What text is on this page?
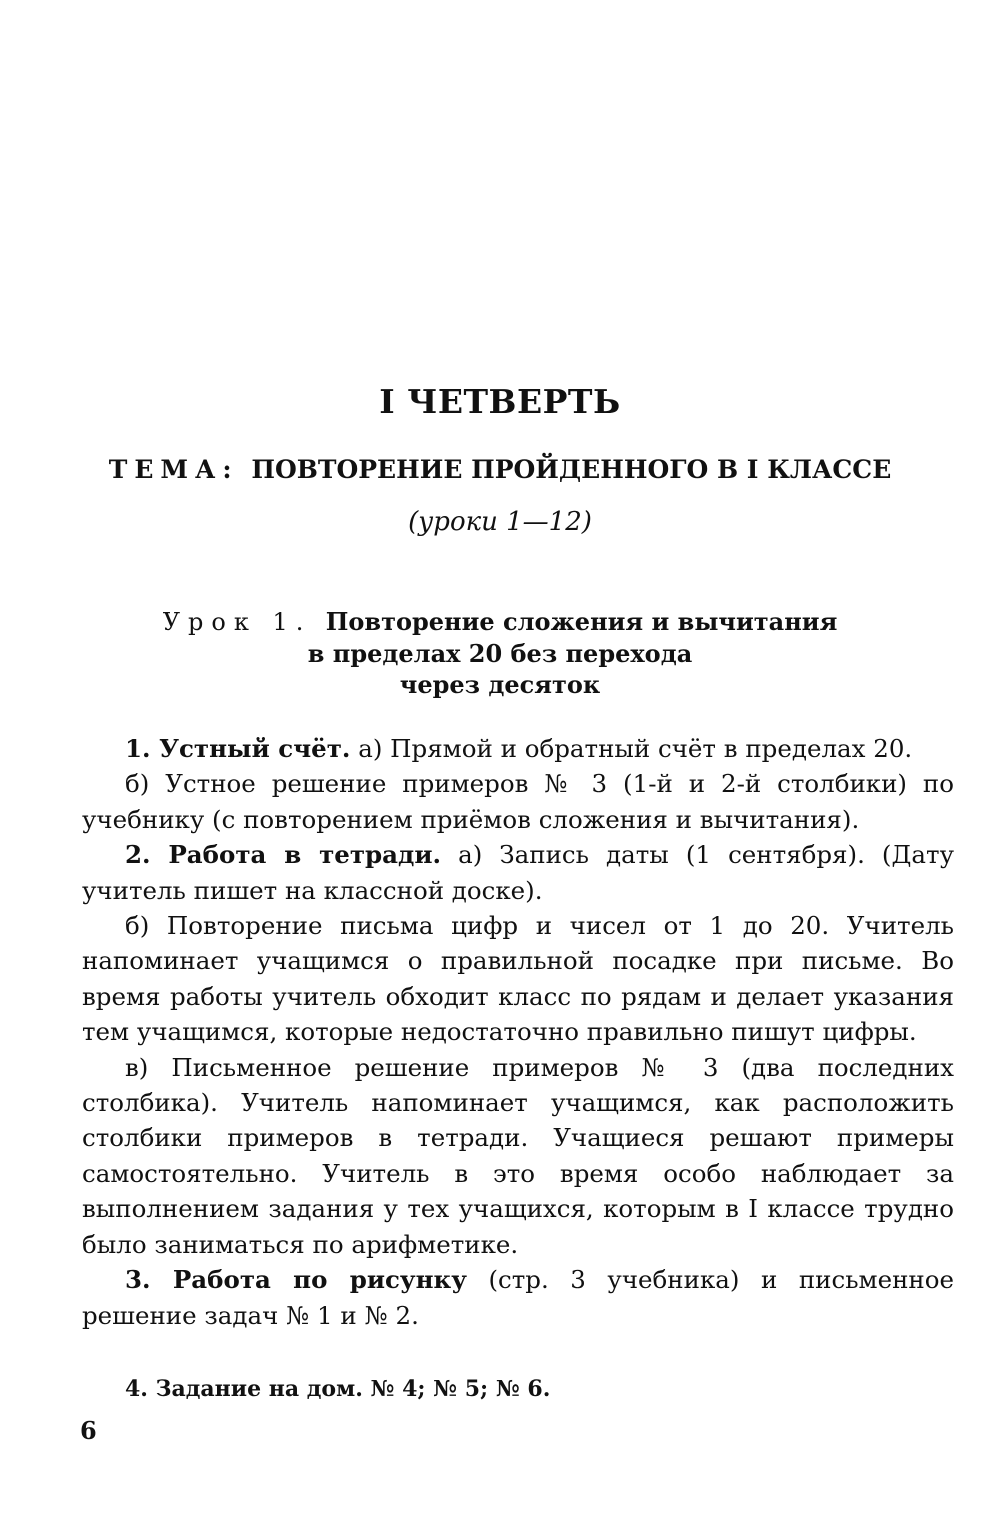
I ЧЕТВЕРТЬ
ТЕМА: ПОВТОРЕНИЕ ПРОЙДЕННОГО В I КЛАССЕ
(уроки 1—12)
Урок 1. Повторение сложения и вычитания
в пределах 20 без перехода
через десяток

1. Устный счёт. а) Прямой и обратный счёт в пределах 20.

б) Устное решение примеров № 3 (1-й и 2-й столбики) по учебнику (с повторением приёмов сложения и вычитания).

2. Работа в тетради. а) Запись даты (1 сентября). (Дату учитель пишет на классной доске).

б) Повторение письма цифр и чисел от 1 до 20. Учитель напоминает учащимся о правильной посадке при письме. Во время работы учитель обходит класс по рядам и делает указания тем учащимся, которые недостаточно правильно пишут цифры.

в) Письменное решение примеров № 3 (два последних столбика). Учитель напоминает учащимся, как расположить столбики примеров в тетради. Учащиеся решают примеры самостоятельно. Учитель в это время особо наблюдает за выполнением задания у тех учащихся, которым в I классе трудно было заниматься по арифметике.

3. Работа по рисунку (стр. 3 учебника) и письменное решение задач № 1 и № 2.

4. Задание на дом. № 4; № 5; № 6.
6
